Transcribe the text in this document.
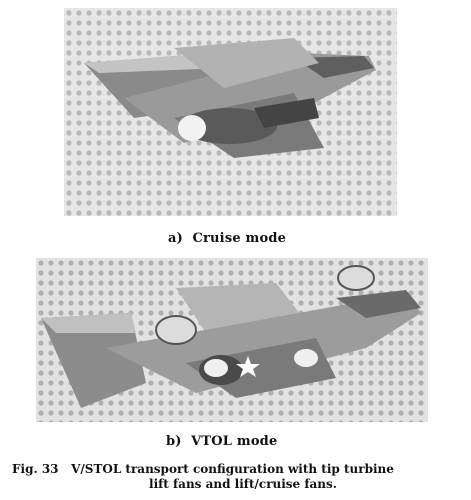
a) Cruise mode
b) VTOL mode
Fig. 33 V/STOL transport configuration with tip turbine
lift fans and lift/cruise fans.
